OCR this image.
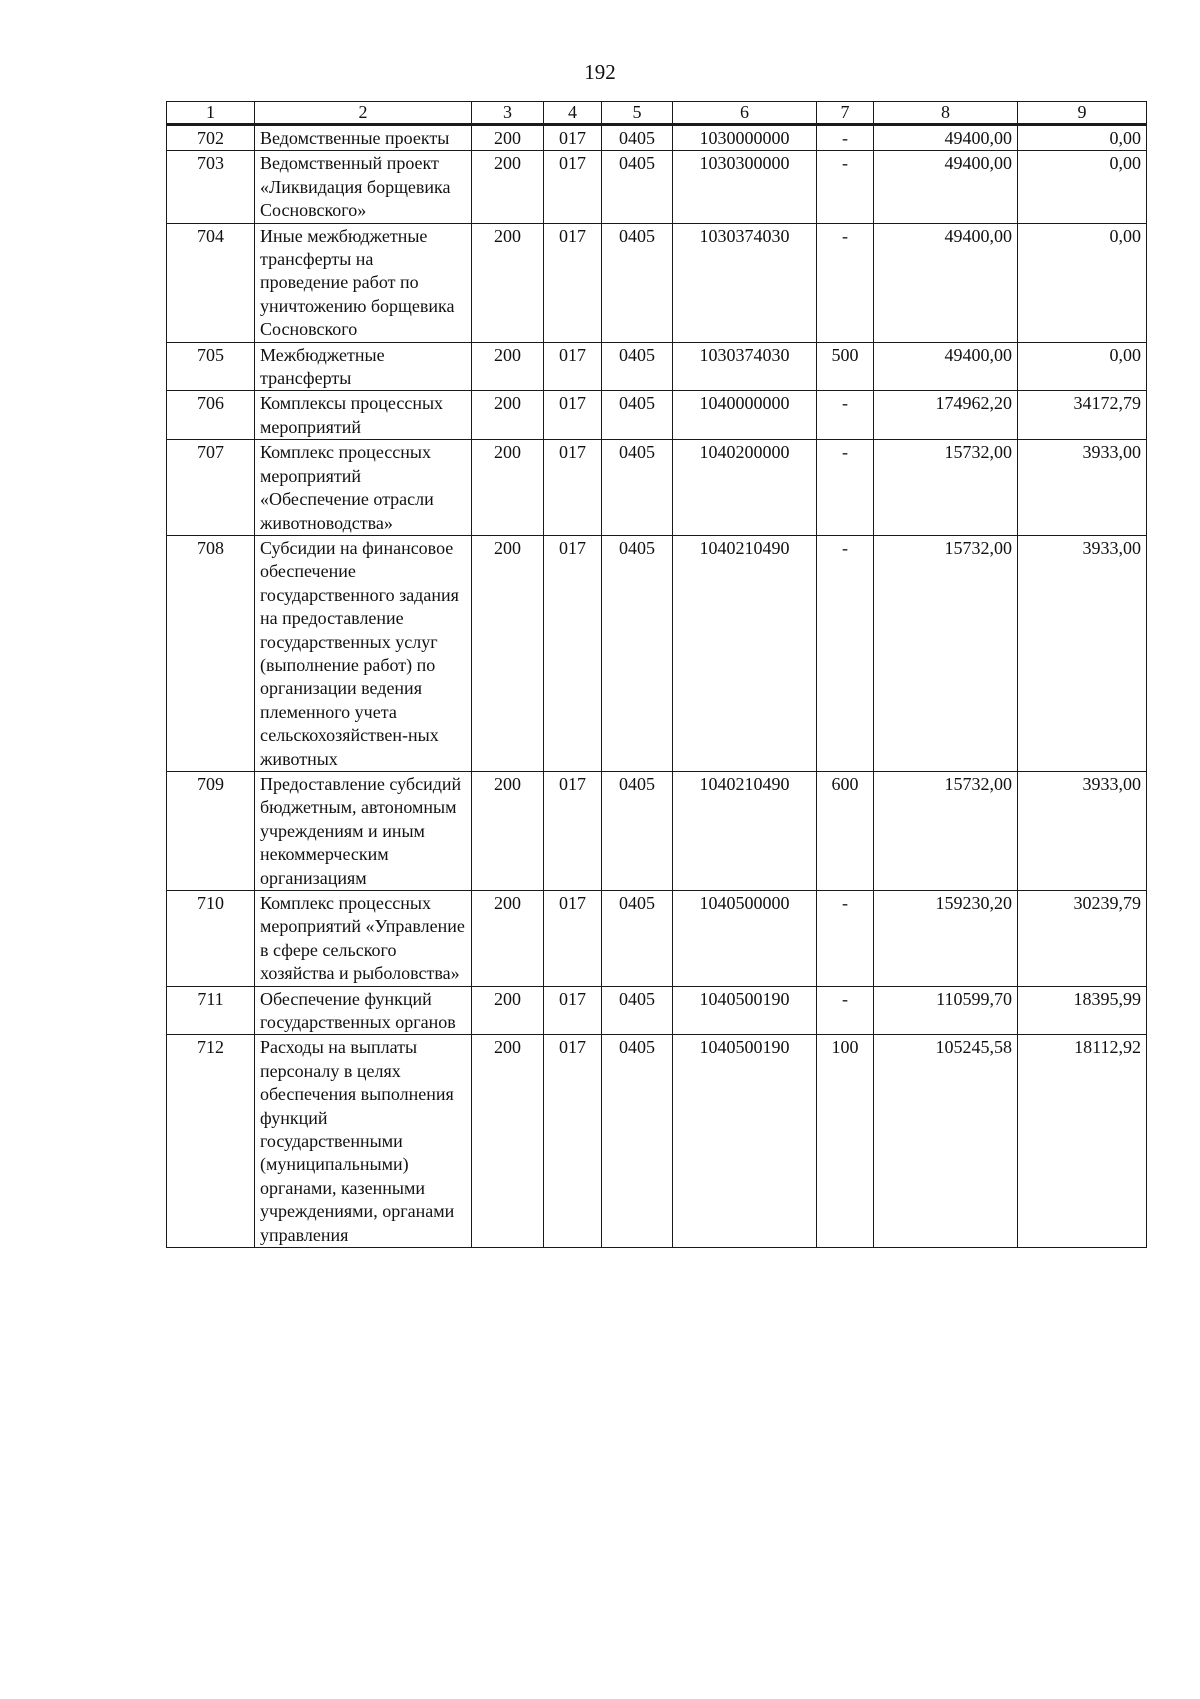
192
1	2	3	4	5	6	7	8	9
702	Ведомственные проекты	200	017	0405	1030000000	-	49400,00	0,00
703	Ведомственный проект «Ликвидация борщевика Сосновского»	200	017	0405	1030300000	-	49400,00	0,00
704	Иные межбюджетные трансферты на проведение работ по уничтожению борщевика Сосновского	200	017	0405	1030374030	-	49400,00	0,00
705	Межбюджетные трансферты	200	017	0405	1030374030	500	49400,00	0,00
706	Комплексы процессных мероприятий	200	017	0405	1040000000	-	174962,20	34172,79
707	Комплекс процессных мероприятий «Обеспечение отрасли животноводства»	200	017	0405	1040200000	-	15732,00	3933,00
708	Субсидии на финансовое обеспечение государственного задания на предоставление государственных услуг (выполнение работ) по организации ведения племенного учета сельскохозяйствен-ных животных	200	017	0405	1040210490	-	15732,00	3933,00
709	Предоставление субсидий бюджетным, автономным учреждениям и иным некоммерческим организациям	200	017	0405	1040210490	600	15732,00	3933,00
710	Комплекс процессных мероприятий «Управление в сфере сельского хозяйства и рыболовства»	200	017	0405	1040500000	-	159230,20	30239,79
711	Обеспечение функций государственных органов	200	017	0405	1040500190	-	110599,70	18395,99
712	Расходы на выплаты персоналу в целях обеспечения выполнения функций государственными (муниципальными) органами, казенными учреждениями, органами управления	200	017	0405	1040500190	100	105245,58	18112,92
